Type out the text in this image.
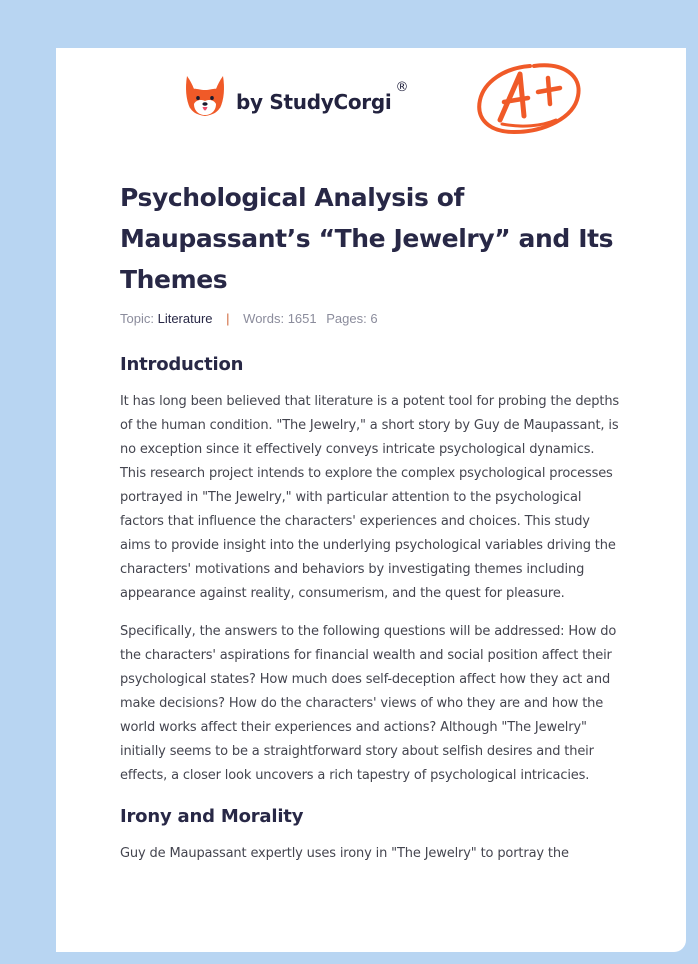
by StudyCorgi®
Psychological Analysis of Maupassant’s “The Jewelry” and Its Themes
Topic: Literature | Words: 1651 Pages: 6
Introduction

It has long been believed that literature is a potent tool for probing the depths of the human condition. "The Jewelry," a short story by Guy de Maupassant, is no exception since it effectively conveys intricate psychological dynamics. This research project intends to explore the complex psychological processes portrayed in "The Jewelry," with particular attention to the psychological factors that influence the characters' experiences and choices. This study aims to provide insight into the underlying psychological variables driving the characters' motivations and behaviors by investigating themes including appearance against reality, consumerism, and the quest for pleasure.

Specifically, the answers to the following questions will be addressed: How do the characters' aspirations for financial wealth and social position affect their psychological states? How much does self-deception affect how they act and make decisions? How do the characters' views of who they are and how the world works affect their experiences and actions? Although "The Jewelry" initially seems to be a straightforward story about selfish desires and their effects, a closer look uncovers a rich tapestry of psychological intricacies.

Irony and Morality

Guy de Maupassant expertly uses irony in "The Jewelry" to portray the
